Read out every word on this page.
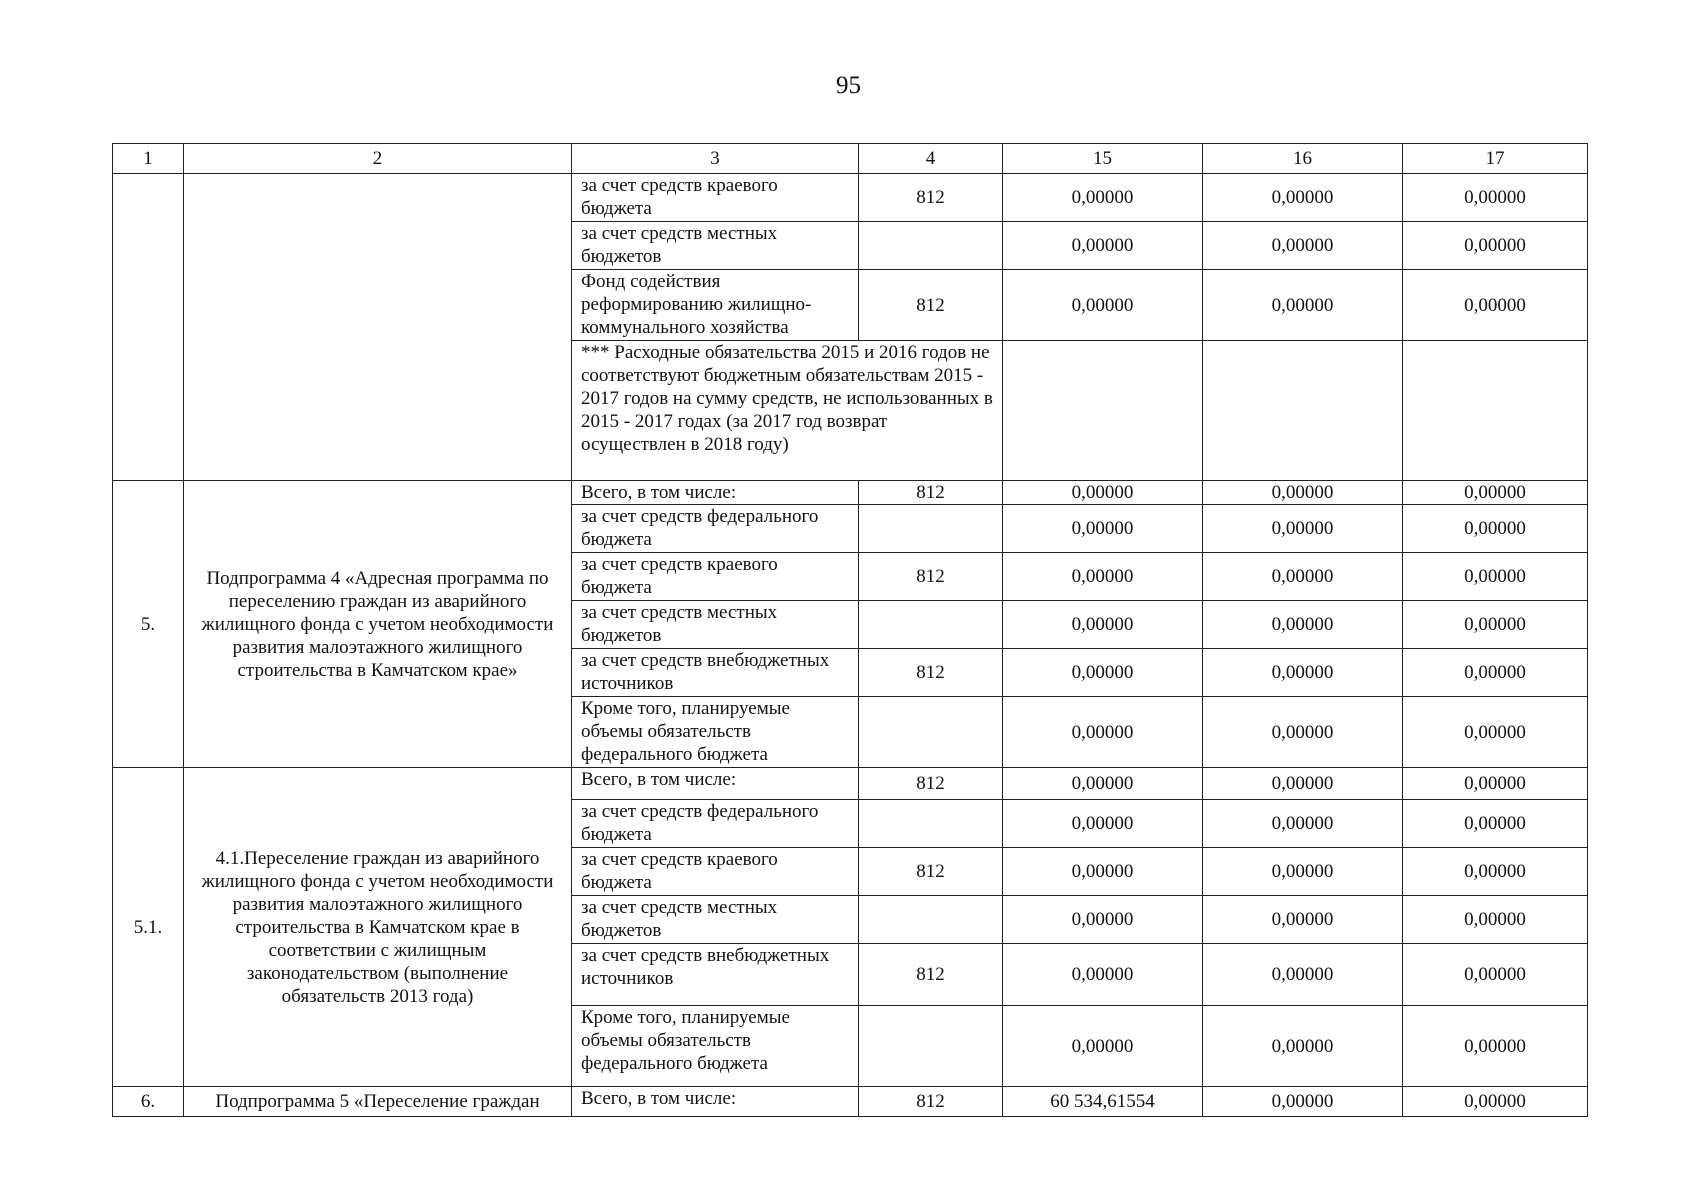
95
1	2	3	4	15	16	17
		за счет средств краевого бюджета	812	0,00000	0,00000	0,00000
		за счет средств местных бюджетов		0,00000	0,00000	0,00000
		Фонд содействия реформированию жилищно-коммунального хозяйства	812	0,00000	0,00000	0,00000
		*** Расходные обязательства 2015 и 2016 годов не соответствуют бюджетным обязательствам 2015 - 2017 годов на сумму средств, не использованных в 2015 - 2017 годах (за 2017 год возврат осуществлен в 2018 году)				
5.	Подпрограмма 4 «Адресная программа по переселению граждан из аварийного жилищного фонда с учетом необходимости развития малоэтажного жилищного строительства в Камчатском крае»	Всего, в том числе:	812	0,00000	0,00000	0,00000
		за счет средств федерального бюджета		0,00000	0,00000	0,00000
		за счет средств краевого бюджета	812	0,00000	0,00000	0,00000
		за счет средств местных бюджетов		0,00000	0,00000	0,00000
		за счет средств внебюджетных источников	812	0,00000	0,00000	0,00000
		Кроме того, планируемые объемы обязательств федерального бюджета		0,00000	0,00000	0,00000
5.1.	4.1.Переселение граждан из аварийного жилищного фонда с учетом необходимости развития малоэтажного жилищного строительства в Камчатском крае в соответствии с жилищным законодательством (выполнение обязательств 2013 года)	Всего, в том числе:	812	0,00000	0,00000	0,00000
		за счет средств федерального бюджета		0,00000	0,00000	0,00000
		за счет средств краевого бюджета	812	0,00000	0,00000	0,00000
		за счет средств местных бюджетов		0,00000	0,00000	0,00000
		за счет средств внебюджетных источников	812	0,00000	0,00000	0,00000
		Кроме того, планируемые объемы обязательств федерального бюджета		0,00000	0,00000	0,00000
6.	Подпрограмма 5 «Переселение граждан	Всего, в том числе:	812	60 534,61554	0,00000	0,00000
